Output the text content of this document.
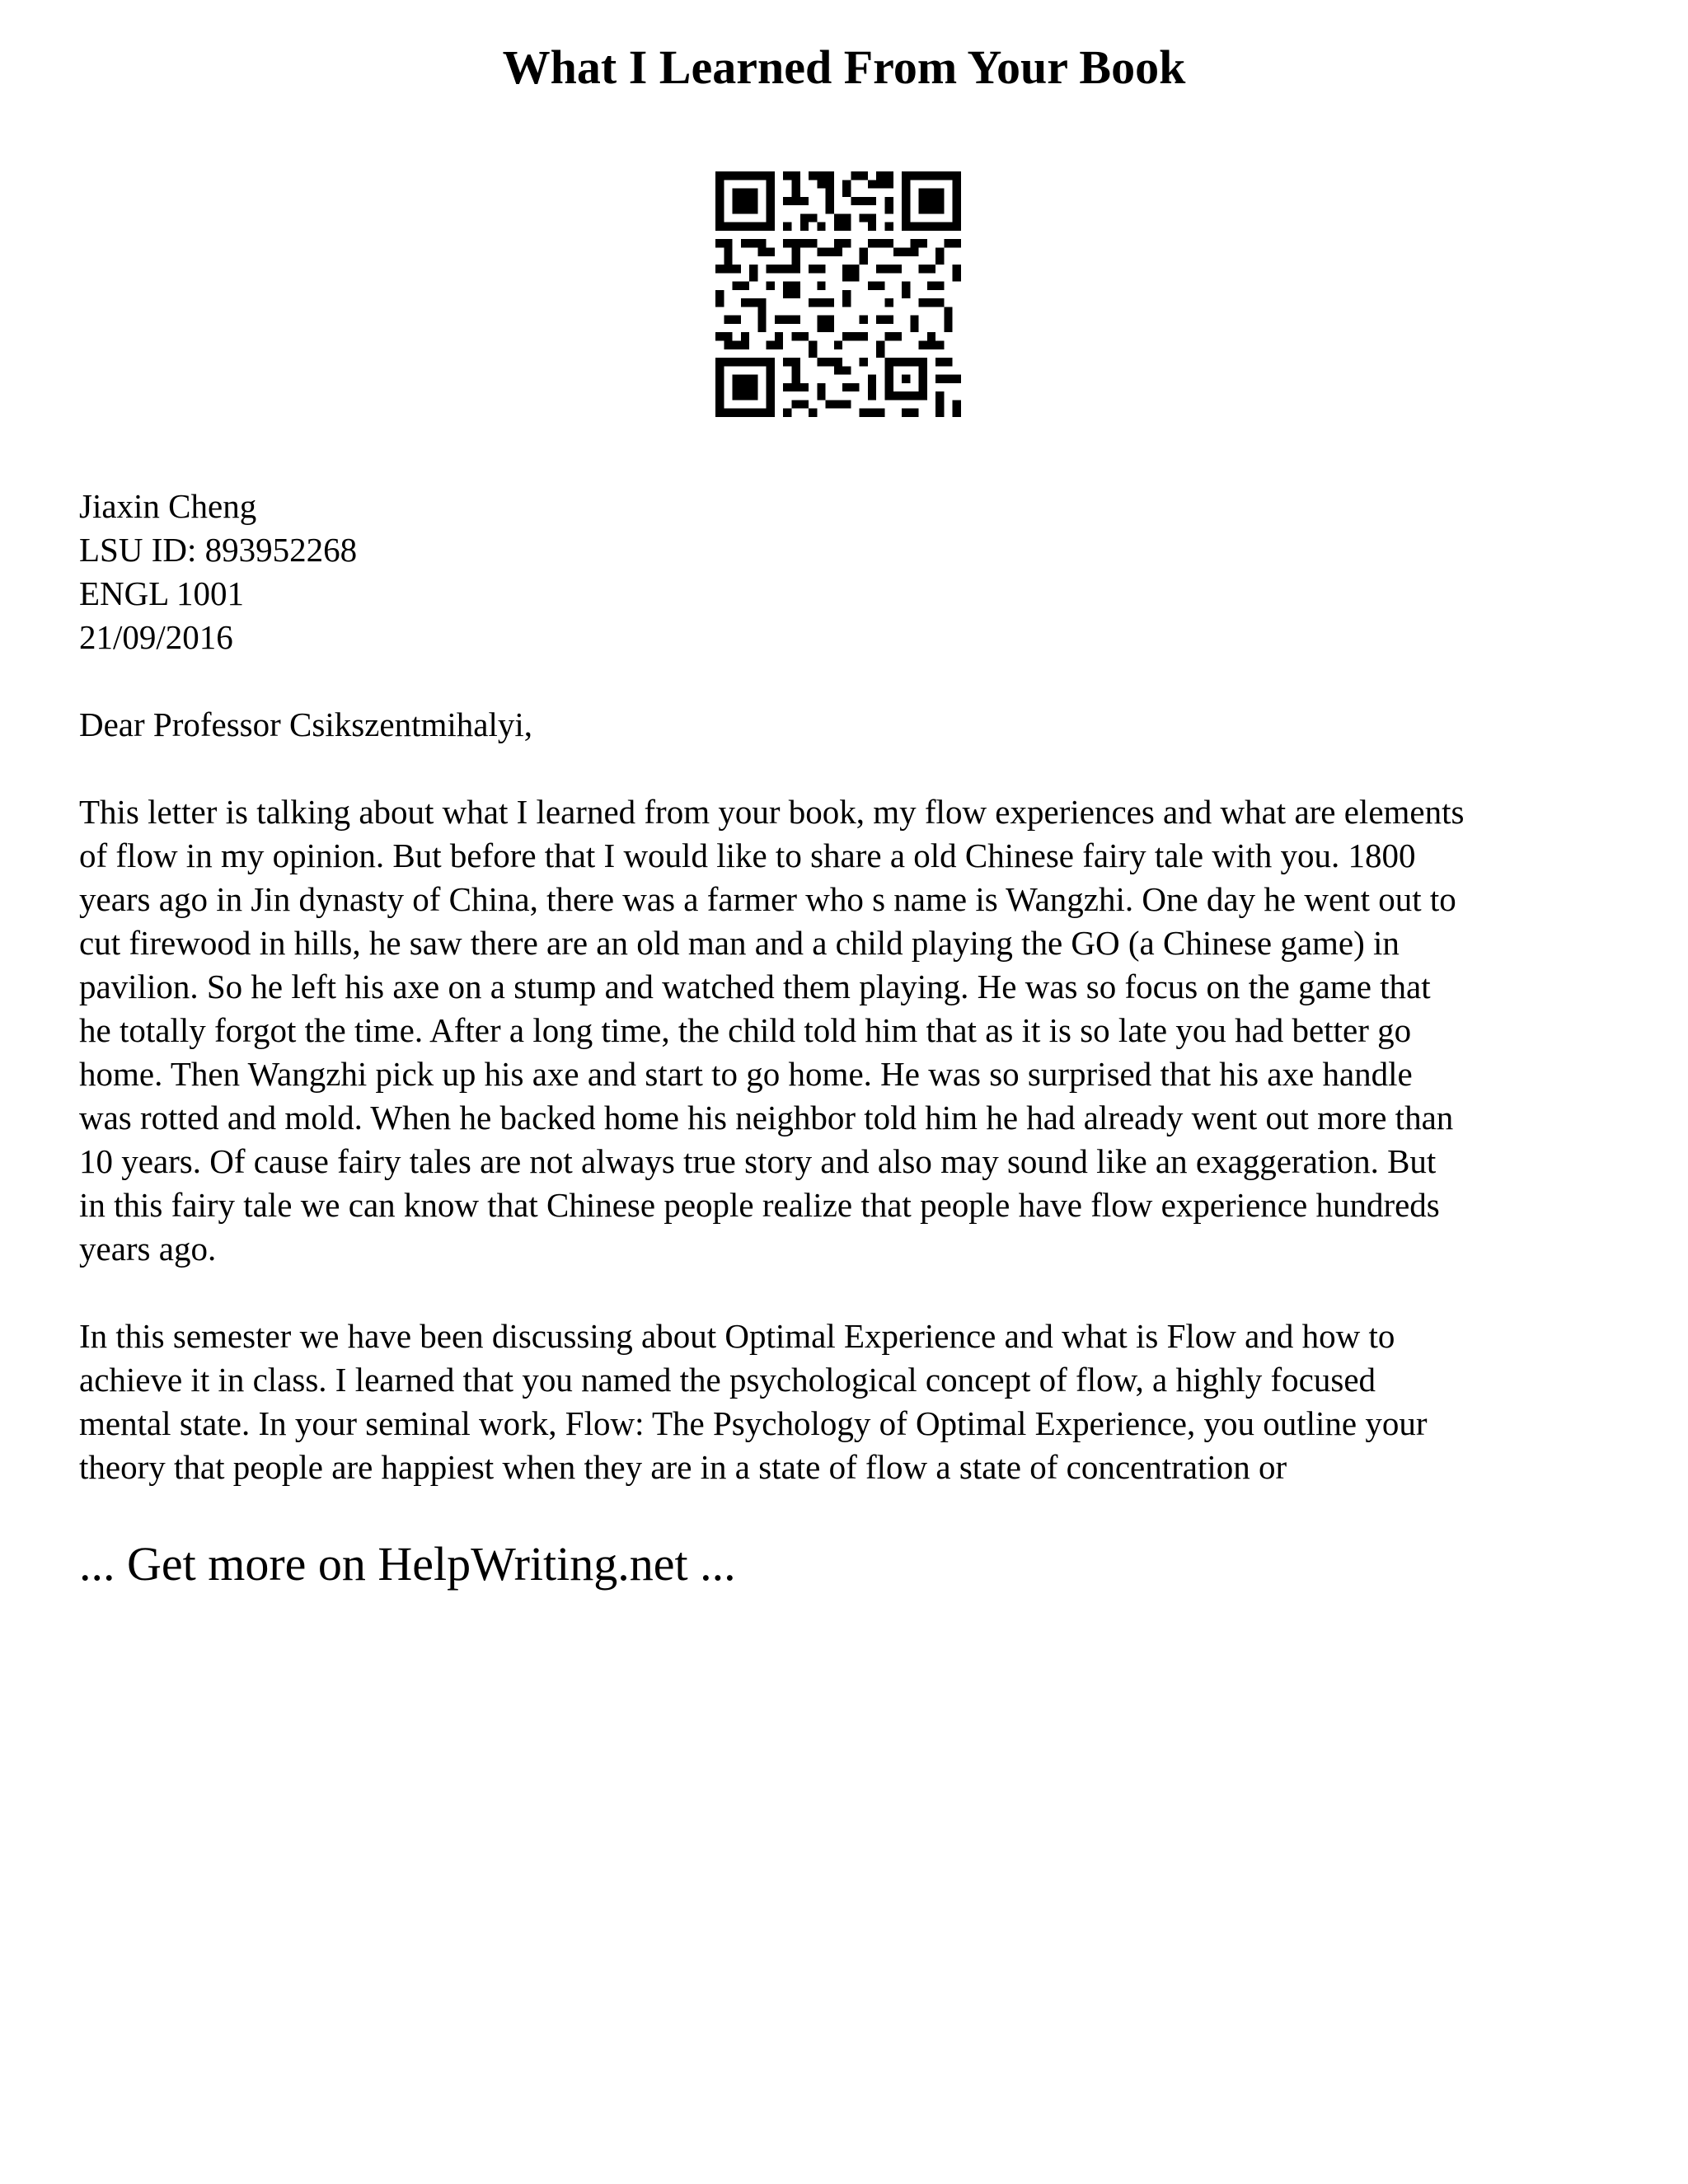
What I Learned From Your Book

Jiaxin Cheng

LSU ID: 893952268

ENGL 1001

21/09/2016

Dear Professor Csikszentmihalyi,

This letter is talking about what I learned from your book, my flow experiences and what are elements
of flow in my opinion. But before that I would like to share a old Chinese fairy tale with you. 1800
years ago in Jin dynasty of China, there was a farmer who s name is Wangzhi. One day he went out to
cut firewood in hills, he saw there are an old man and a child playing the GO (a Chinese game) in
pavilion. So he left his axe on a stump and watched them playing. He was so focus on the game that
he totally forgot the time. After a long time, the child told him that as it is so late you had better go
home. Then Wangzhi pick up his axe and start to go home. He was so surprised that his axe handle
was rotted and mold. When he backed home his neighbor told him he had already went out more than
10 years. Of cause fairy tales are not always true story and also may sound like an exaggeration. But
in this fairy tale we can know that Chinese people realize that people have flow experience hundreds
years ago.

In this semester we have been discussing about Optimal Experience and what is Flow and how to
achieve it in class. I learned that you named the psychological concept of flow, a highly focused
mental state. In your seminal work, Flow: The Psychology of Optimal Experience, you outline your
theory that people are happiest when they are in a state of flow a state of concentration or

... Get more on HelpWriting.net ...
